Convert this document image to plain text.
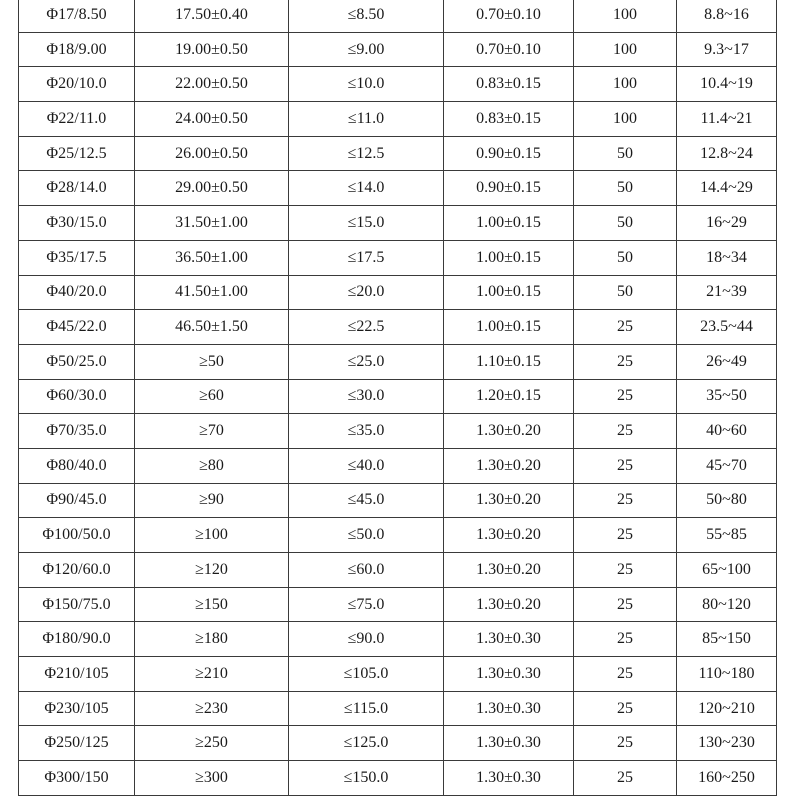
Φ17/8.50	17.50±0.40	≤8.50	0.70±0.10	100	8.8~16
Φ18/9.00	19.00±0.50	≤9.00	0.70±0.10	100	9.3~17
Φ20/10.0	22.00±0.50	≤10.0	0.83±0.15	100	10.4~19
Φ22/11.0	24.00±0.50	≤11.0	0.83±0.15	100	11.4~21
Φ25/12.5	26.00±0.50	≤12.5	0.90±0.15	50	12.8~24
Φ28/14.0	29.00±0.50	≤14.0	0.90±0.15	50	14.4~29
Φ30/15.0	31.50±1.00	≤15.0	1.00±0.15	50	16~29
Φ35/17.5	36.50±1.00	≤17.5	1.00±0.15	50	18~34
Φ40/20.0	41.50±1.00	≤20.0	1.00±0.15	50	21~39
Φ45/22.0	46.50±1.50	≤22.5	1.00±0.15	25	23.5~44
Φ50/25.0	≥50	≤25.0	1.10±0.15	25	26~49
Φ60/30.0	≥60	≤30.0	1.20±0.15	25	35~50
Φ70/35.0	≥70	≤35.0	1.30±0.20	25	40~60
Φ80/40.0	≥80	≤40.0	1.30±0.20	25	45~70
Φ90/45.0	≥90	≤45.0	1.30±0.20	25	50~80
Φ100/50.0	≥100	≤50.0	1.30±0.20	25	55~85
Φ120/60.0	≥120	≤60.0	1.30±0.20	25	65~100
Φ150/75.0	≥150	≤75.0	1.30±0.20	25	80~120
Φ180/90.0	≥180	≤90.0	1.30±0.30	25	85~150
Φ210/105	≥210	≤105.0	1.30±0.30	25	110~180
Φ230/105	≥230	≤115.0	1.30±0.30	25	120~210
Φ250/125	≥250	≤125.0	1.30±0.30	25	130~230
Φ300/150	≥300	≤150.0	1.30±0.30	25	160~250
